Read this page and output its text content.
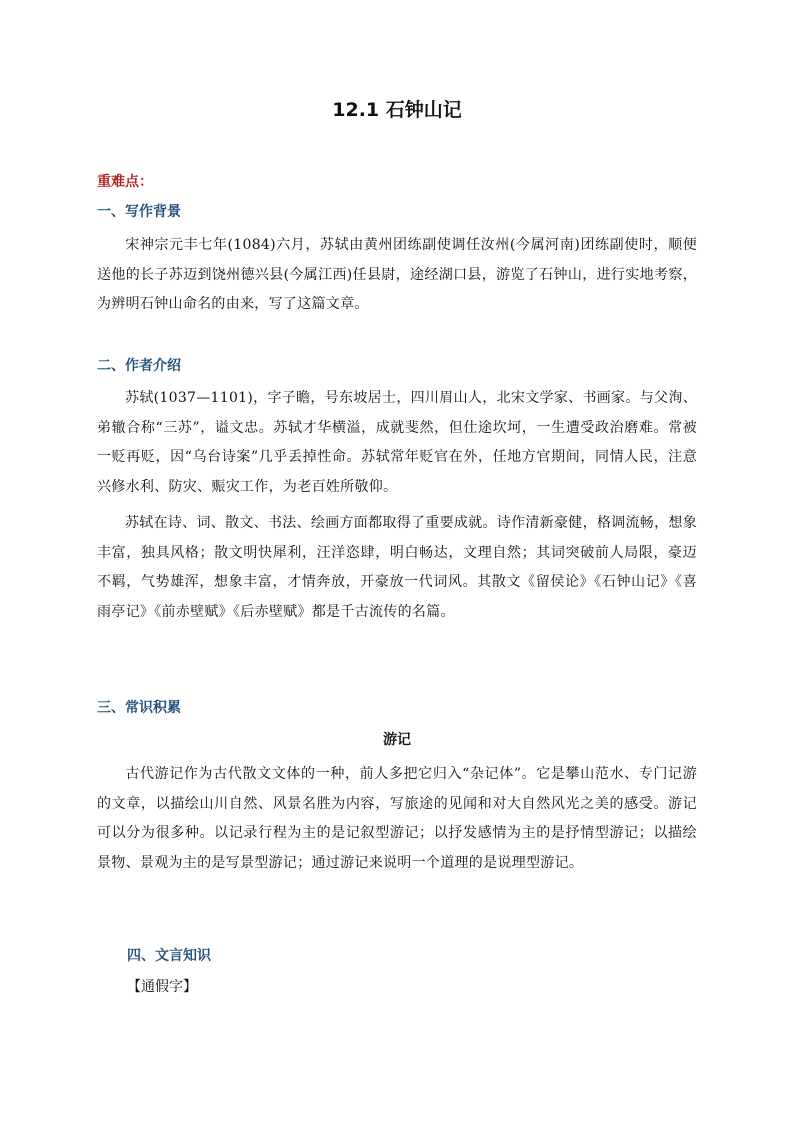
12.1 石钟山记
重难点：
一、写作背景
宋神宗元丰七年(1084)六月，苏轼由黄州团练副使调任汝州(今属河南)团练副使时，顺便送他的长子苏迈到饶州德兴县(今属江西)任县尉，途经湖口县，游览了石钟山，进行实地考察，为辨明石钟山命名的由来，写了这篇文章。
二、作者介绍
苏轼(1037—1101)，字子瞻，号东坡居士，四川眉山人，北宋文学家、书画家。与父洵、弟辙合称“三苏”，谥文忠。苏轼才华横溢，成就斐然，但仕途坎坷，一生遭受政治磨难。常被一贬再贬，因“乌台诗案”几乎丢掉性命。苏轼常年贬官在外，任地方官期间，同情人民，注意兴修水利、防灾、赈灾工作，为老百姓所敬仰。
苏轼在诗、词、散文、书法、绘画方面都取得了重要成就。诗作清新豪健，格调流畅，想象丰富，独具风格；散文明快犀利，汪洋恣肆，明白畅达，文理自然；其词突破前人局限，豪迈不羁，气势雄浑，想象丰富，才情奔放，开豪放一代词风。其散文《留侯论》《石钟山记》《喜雨亭记》《前赤壁赋》《后赤壁赋》都是千古流传的名篇。
三、常识积累
游记
古代游记作为古代散文文体的一种，前人多把它归入“杂记体”。它是攀山范水、专门记游的文章，以描绘山川自然、风景名胜为内容，写旅途的见闻和对大自然风光之美的感受。游记可以分为很多种。以记录行程为主的是记叙型游记；以抒发感情为主的是抒情型游记；以描绘景物、景观为主的是写景型游记；通过游记来说明一个道理的是说理型游记。
四、文言知识
【通假字】
